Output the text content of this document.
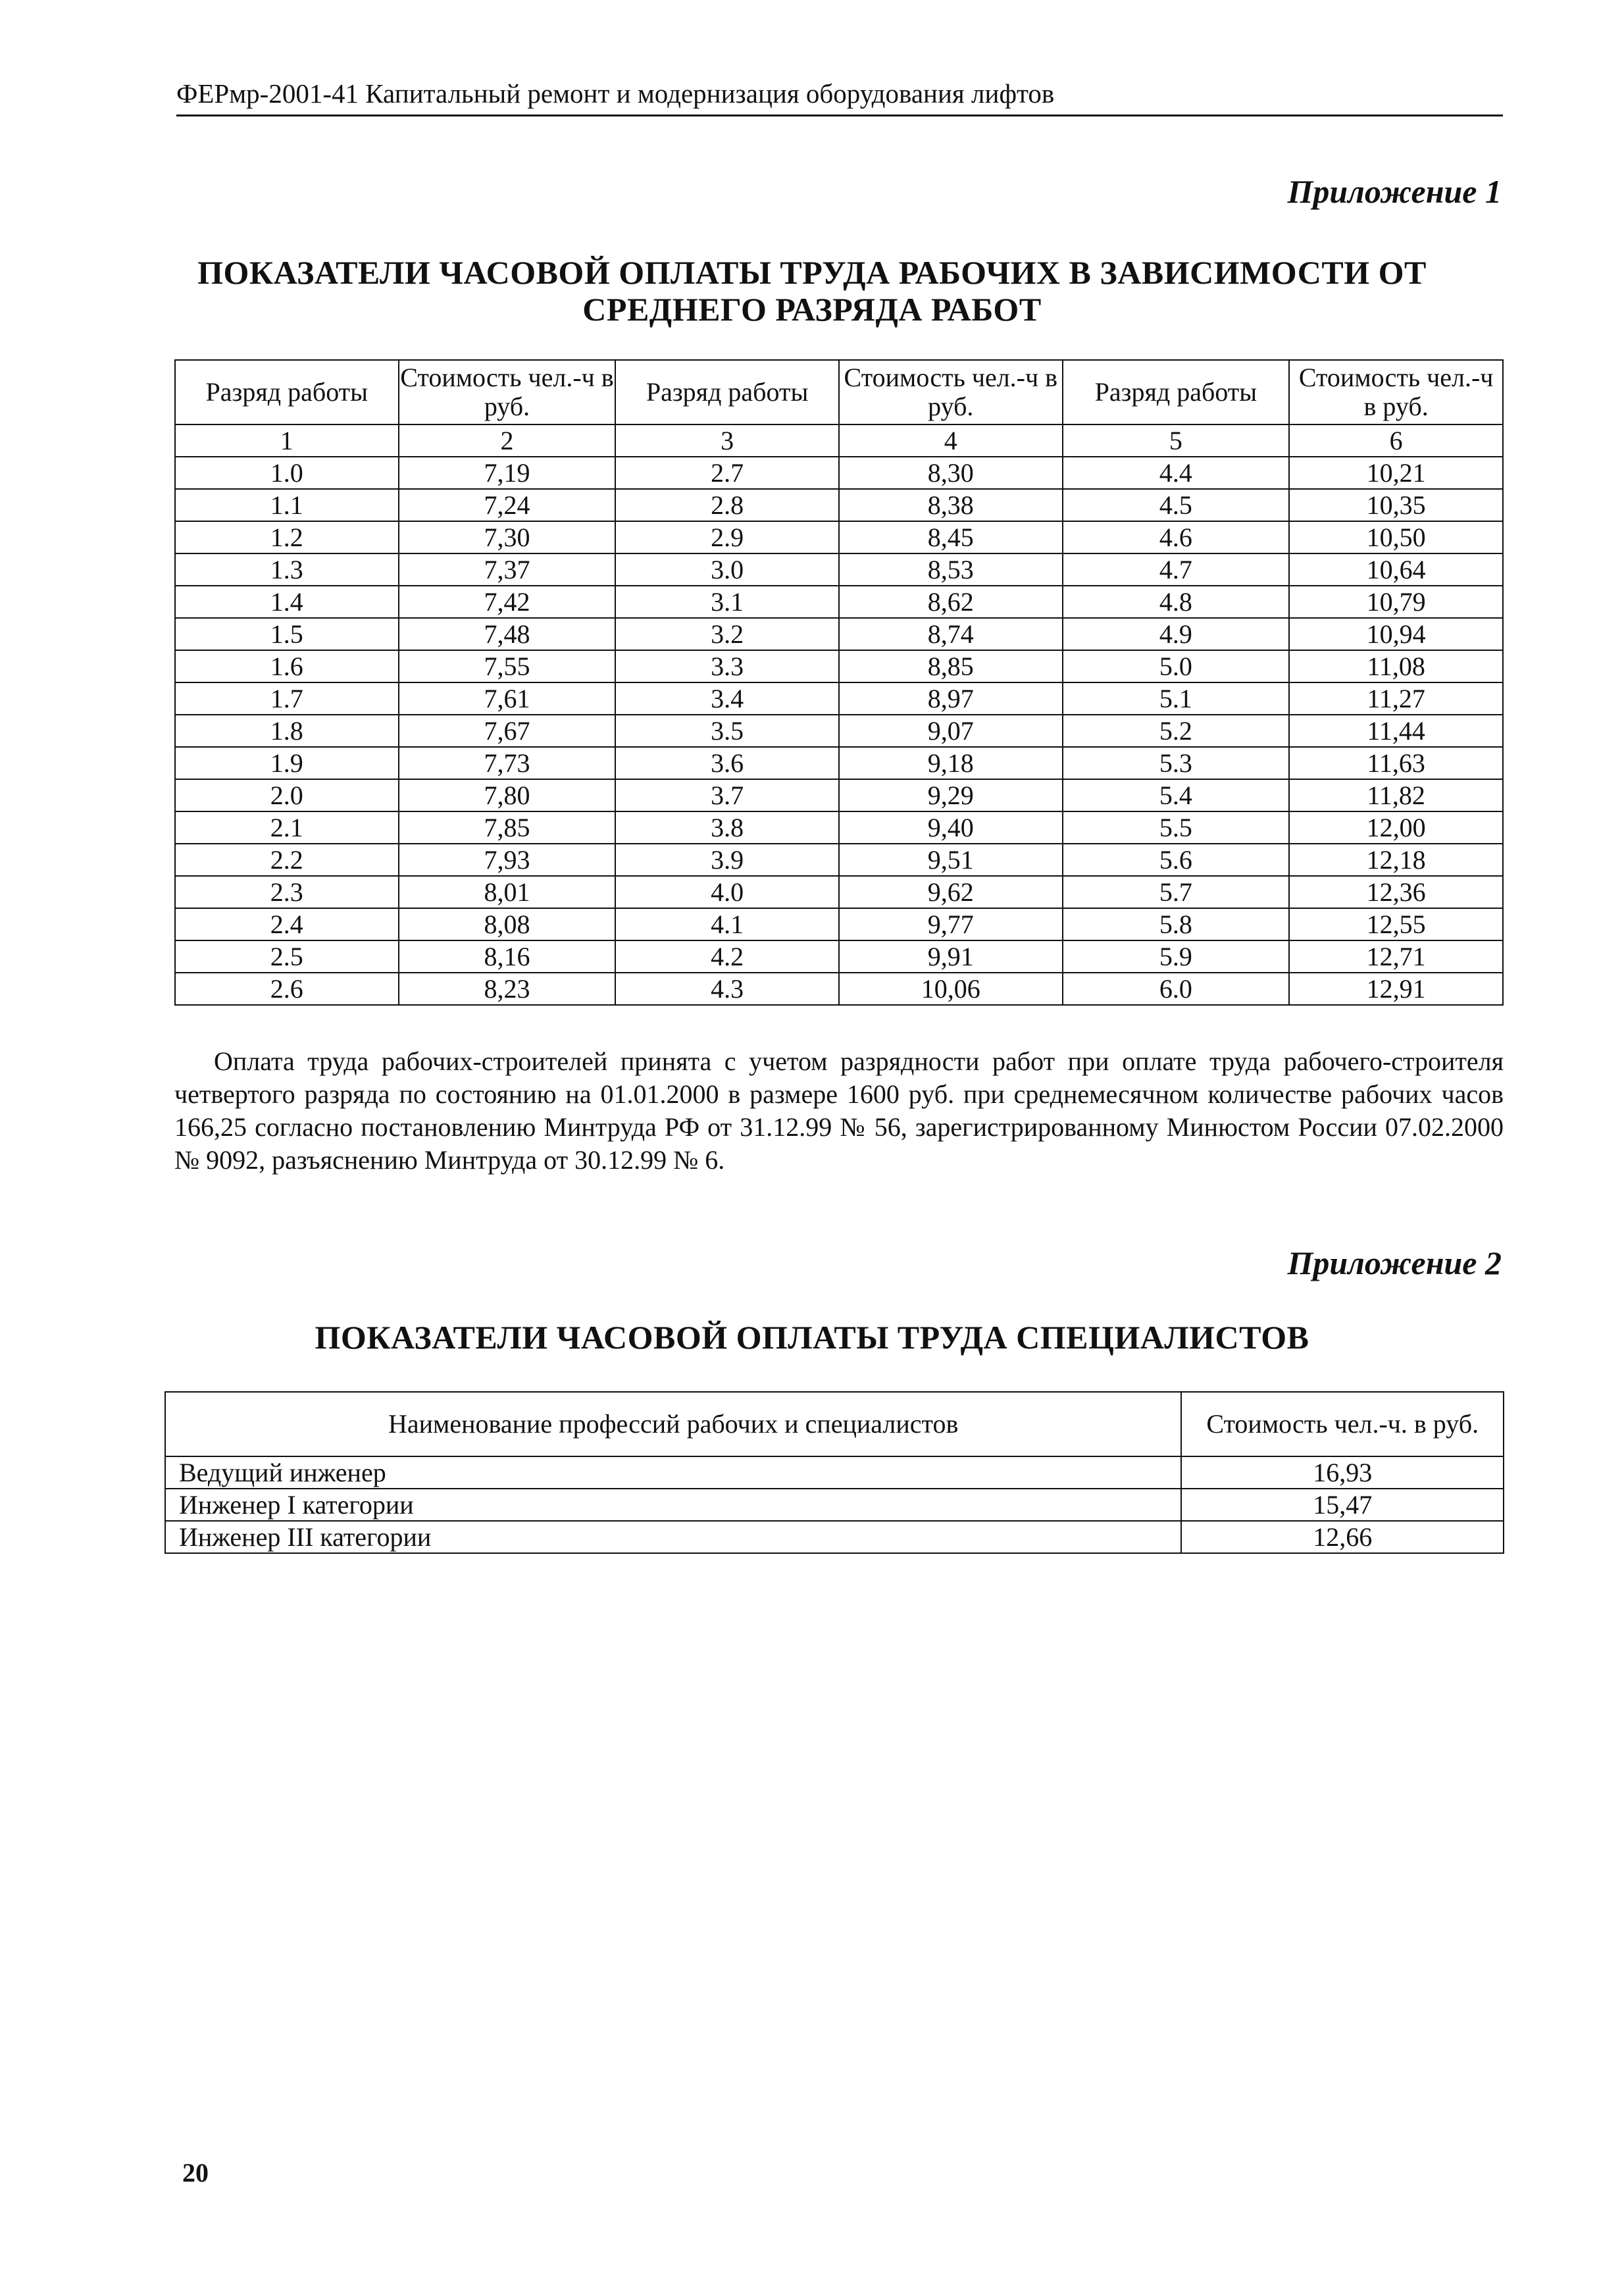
ФЕРмр-2001-41 Капитальный ремонт и модернизация оборудования лифтов
Приложение 1
ПОКАЗАТЕЛИ ЧАСОВОЙ ОПЛАТЫ ТРУДА РАБОЧИХ В ЗАВИСИМОСТИ ОТ
СРЕДНЕГО РАЗРЯДА РАБОТ
Разряд работы	Стоимость чел.-ч в руб.	Разряд работы	Стоимость чел.-ч в руб.	Разряд работы	Стоимость чел.-ч в руб.
1	2	3	4	5	6
1.0	7,19	2.7	8,30	4.4	10,21
1.1	7,24	2.8	8,38	4.5	10,35
1.2	7,30	2.9	8,45	4.6	10,50
1.3	7,37	3.0	8,53	4.7	10,64
1.4	7,42	3.1	8,62	4.8	10,79
1.5	7,48	3.2	8,74	4.9	10,94
1.6	7,55	3.3	8,85	5.0	11,08
1.7	7,61	3.4	8,97	5.1	11,27
1.8	7,67	3.5	9,07	5.2	11,44
1.9	7,73	3.6	9,18	5.3	11,63
2.0	7,80	3.7	9,29	5.4	11,82
2.1	7,85	3.8	9,40	5.5	12,00
2.2	7,93	3.9	9,51	5.6	12,18
2.3	8,01	4.0	9,62	5.7	12,36
2.4	8,08	4.1	9,77	5.8	12,55
2.5	8,16	4.2	9,91	5.9	12,71
2.6	8,23	4.3	10,06	6.0	12,91
Оплата труда рабочих-строителей принята с учетом разрядности работ при оплате труда рабочего-строителя четвертого разряда по состоянию на 01.01.2000 в размере 1600 руб. при среднемесячном количестве рабочих часов 166,25 согласно постановлению Минтруда РФ от 31.12.99 № 56, зарегистрированному Минюстом России 07.02.2000 № 9092, разъяснению Минтруда от 30.12.99 № 6.
Приложение 2
ПОКАЗАТЕЛИ ЧАСОВОЙ ОПЛАТЫ ТРУДА СПЕЦИАЛИСТОВ
Наименование профессий рабочих и специалистов	Стоимость чел.-ч. в руб.
Ведущий инженер	16,93
Инженер I категории	15,47
Инженер III категории	12,66
20
